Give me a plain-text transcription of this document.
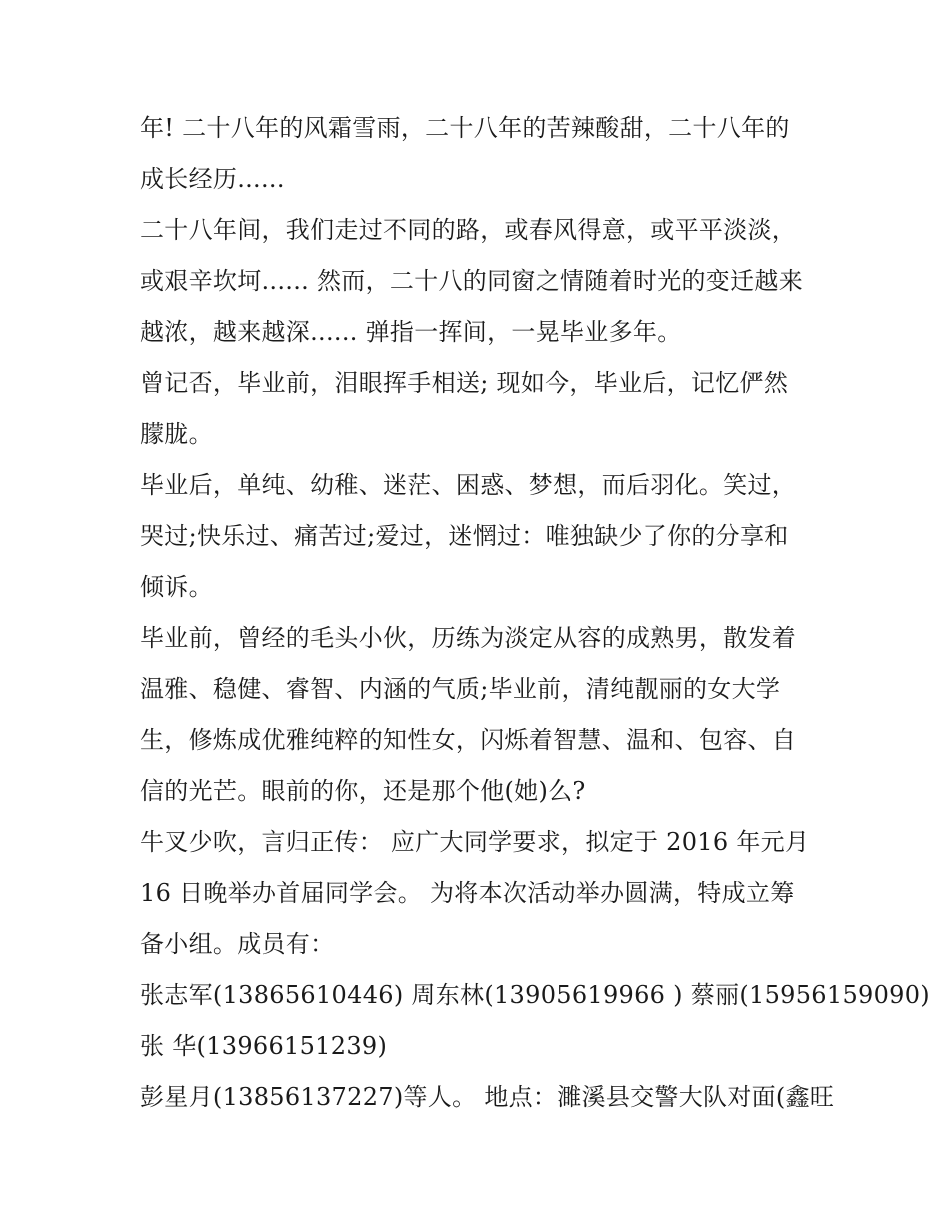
年! 二十八年的风霜雪雨，二十八年的苦辣酸甜，二十八年的
成长经历......
二十八年间，我们走过不同的路，或春风得意，或平平淡淡，
或艰辛坎坷...... 然而，二十八的同窗之情随着时光的变迁越来
越浓，越来越深...... 弹指一挥间，一晃毕业多年。
曾记否，毕业前，泪眼挥手相送; 现如今，毕业后，记忆俨然
朦胧。
毕业后，单纯、幼稚、迷茫、困惑、梦想，而后羽化。笑过，
哭过;快乐过、痛苦过;爱过，迷惘过：唯独缺少了你的分享和
倾诉。
毕业前，曾经的毛头小伙，历练为淡定从容的成熟男，散发着
温雅、稳健、睿智、内涵的气质;毕业前，清纯靓丽的女大学
生，修炼成优雅纯粹的知性女，闪烁着智慧、温和、包容、自
信的光芒。眼前的你，还是那个他(她)么?
牛叉少吹，言归正传： 应广大同学要求，拟定于 2016 年元月
16 日晚举办首届同学会。 为将本次活动举办圆满，特成立筹
备小组。成员有：
张志军(13865610446) 周东林(13905619966 ) 蔡丽(15956159090)
张 华(13966151239)
彭星月(13856137227)等人。 地点：濉溪县交警大队对面(鑫旺
